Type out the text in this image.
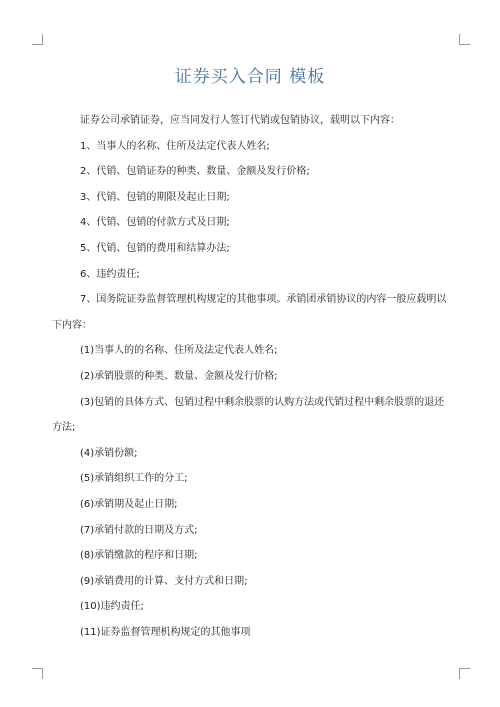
证券买入合同 模板

证券公司承销证券，应当同发行人签订代销或包销协议，载明以下内容：

1、当事人的名称、住所及法定代表人姓名;

2、代销、包销证券的种类、数量、金额及发行价格;

3、代销、包销的期限及起止日期;

4、代销、包销的付款方式及日期;

5、代销、包销的费用和结算办法;

6、违约责任;

7、国务院证券监督管理机构规定的其他事项。承销团承销协议的内容一般应载明以下内容：

(1)当事人的的名称、住所及法定代表人姓名;

(2)承销股票的种类、数量、金额及发行价格;

(3)包销的具体方式、包销过程中剩余股票的认购方法或代销过程中剩余股票的退还方法;

(4)承销份额;

(5)承销组织工作的分工;

(6)承销期及起止日期;

(7)承销付款的日期及方式;

(8)承销缴款的程序和日期;

(9)承销费用的计算、支付方式和日期;

(10)违约责任;

(11)证券监督管理机构规定的其他事项
